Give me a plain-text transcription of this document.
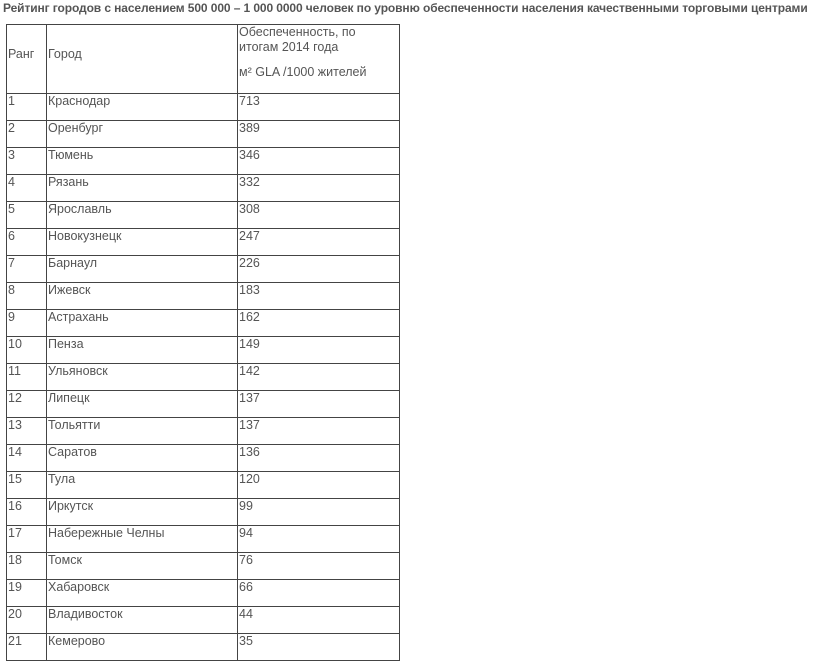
Рейтинг городов с населением 500 000 – 1 000 0000 человек по уровню обеспеченности населения качественными торговыми центрами
Ранг	Город	Обеспеченность, по итогам 2014 года
м² GLA /1000 жителей

1	Краснодар	713
2	Оренбург	389
3	Тюмень	346
4	Рязань	332
5	Ярославль	308
6	Новокузнецк	247
7	Барнаул	226
8	Ижевск	183
9	Астрахань	162
10	Пенза	149
11	Ульяновск	142
12	Липецк	137
13	Тольятти	137
14	Саратов	136
15	Тула	120
16	Иркутск	99
17	Набережные Челны	94
18	Томск	76
19	Хабаровск	66
20	Владивосток	44
21	Кемерово	35
